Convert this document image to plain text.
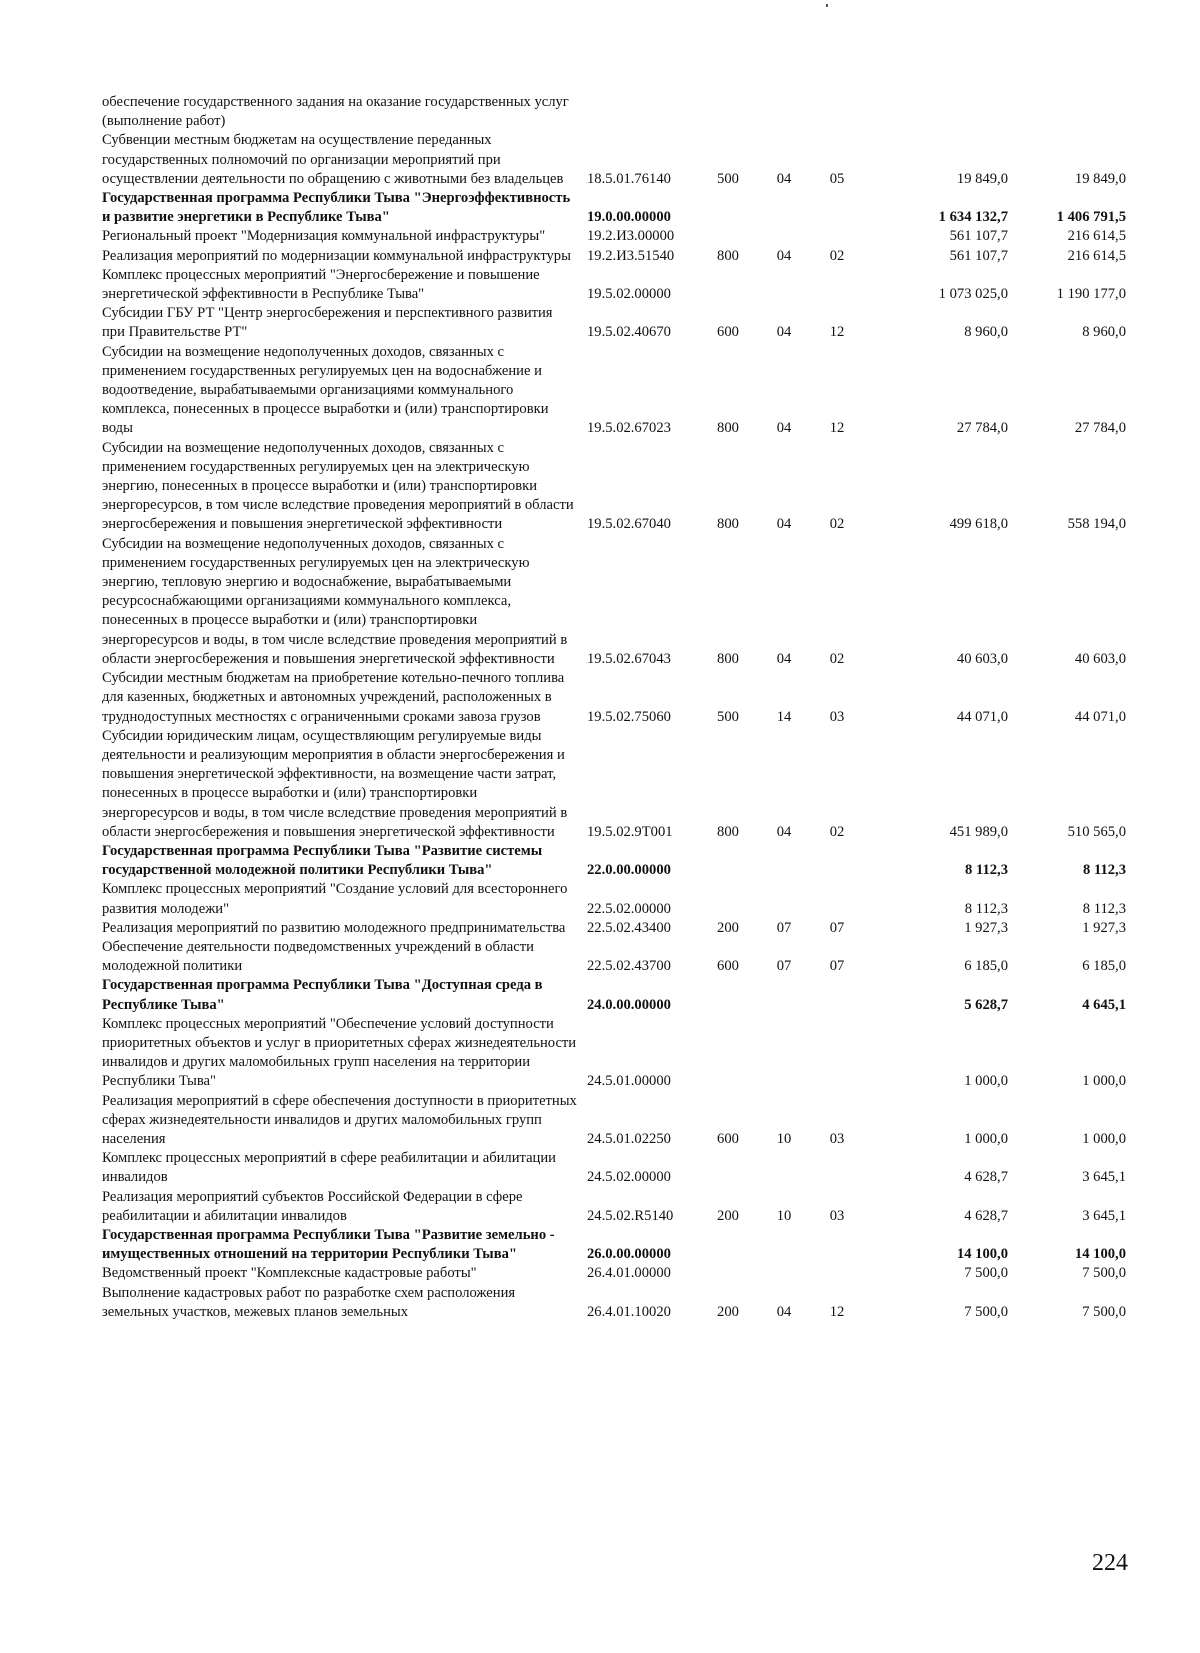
обеспечение государственного задания на оказание государственных услуг (выполнение работ)						
Субвенции местным бюджетам на осуществление переданных государственных полномочий по организации мероприятий при осуществлении деятельности по обращению с животными без владельцев	18.5.01.76140	500	04	05	19 849,0	19 849,0
Государственная программа Республики Тыва "Энергоэффективность и развитие энергетики в Республике Тыва"	19.0.00.00000				1 634 132,7	1 406 791,5
Региональный проект "Модернизация коммунальной инфраструктуры"	19.2.И3.00000				561 107,7	216 614,5
Реализация мероприятий по модернизации коммунальной инфраструктуры	19.2.И3.51540	800	04	02	561 107,7	216 614,5
Комплекс процессных мероприятий "Энергосбережение и повышение энергетической эффективности в Республике Тыва"	19.5.02.00000				1 073 025,0	1 190 177,0
Субсидии ГБУ РТ "Центр энергосбережения и перспективного развития при Правительстве РТ"	19.5.02.40670	600	04	12	8 960,0	8 960,0
Субсидии на возмещение недополученных доходов, связанных с применением государственных регулируемых цен на водоснабжение и водоотведение, вырабатываемыми организациями коммунального комплекса, понесенных в процессе выработки и (или) транспортировки воды	19.5.02.67023	800	04	12	27 784,0	27 784,0
Субсидии на возмещение недополученных доходов, связанных с применением государственных регулируемых цен на электрическую энергию, понесенных в процессе выработки и (или) транспортировки энергоресурсов, в том числе вследствие проведения мероприятий в области энергосбережения и повышения энергетической эффективности	19.5.02.67040	800	04	02	499 618,0	558 194,0
Субсидии на возмещение недополученных доходов, связанных с применением государственных регулируемых цен на электрическую энергию, тепловую энергию и водоснабжение, вырабатываемыми ресурсоснабжающими организациями коммунального комплекса, понесенных в процессе выработки и (или) транспортировки энергоресурсов и воды, в том числе вследствие проведения мероприятий в области энергосбережения и повышения энергетической эффективности	19.5.02.67043	800	04	02	40 603,0	40 603,0
Субсидии местным бюджетам на приобретение котельно-печного топлива для казенных, бюджетных и автономных учреждений, расположенных в труднодоступных местностях с ограниченными сроками завоза грузов	19.5.02.75060	500	14	03	44 071,0	44 071,0
Субсидии юридическим лицам, осуществляющим регулируемые виды деятельности и реализующим мероприятия в области энергосбережения и повышения энергетической эффективности, на возмещение части затрат, понесенных в процессе выработки и (или) транспортировки энергоресурсов и воды, в том числе вследствие проведения мероприятий в области энергосбережения и повышения энергетической эффективности	19.5.02.9Т001	800	04	02	451 989,0	510 565,0
Государственная программа Республики Тыва "Развитие системы государственной молодежной политики Республики Тыва"	22.0.00.00000				8 112,3	8 112,3
Комплекс процессных мероприятий "Создание условий для всестороннего развития молодежи"	22.5.02.00000				8 112,3	8 112,3
Реализация мероприятий по развитию молодежного предпринимательства	22.5.02.43400	200	07	07	1 927,3	1 927,3
Обеспечение деятельности подведомственных учреждений в области молодежной политики	22.5.02.43700	600	07	07	6 185,0	6 185,0
Государственная программа Республики Тыва "Доступная среда в Республике Тыва"	24.0.00.00000				5 628,7	4 645,1
Комплекс процессных мероприятий "Обеспечение условий доступности приоритетных объектов и услуг в приоритетных сферах жизнедеятельности инвалидов и других маломобильных групп населения на территории Республики Тыва"	24.5.01.00000				1 000,0	1 000,0
Реализация мероприятий в сфере обеспечения доступности в приоритетных сферах жизнедеятельности инвалидов и других маломобильных групп населения	24.5.01.02250	600	10	03	1 000,0	1 000,0
Комплекс процессных мероприятий в сфере реабилитации и абилитации инвалидов	24.5.02.00000				4 628,7	3 645,1
Реализация мероприятий субъектов Российской Федерации в сфере реабилитации и абилитации инвалидов	24.5.02.R5140	200	10	03	4 628,7	3 645,1
Государственная программа Республики Тыва "Развитие земельно - имущественных отношений на территории Республики Тыва"	26.0.00.00000				14 100,0	14 100,0
Ведомственный проект "Комплексные кадастровые работы"	26.4.01.00000				7 500,0	7 500,0
Выполнение кадастровых работ по разработке схем расположения земельных участков, межевых планов земельных	26.4.01.10020	200	04	12	7 500,0	7 500,0
224
